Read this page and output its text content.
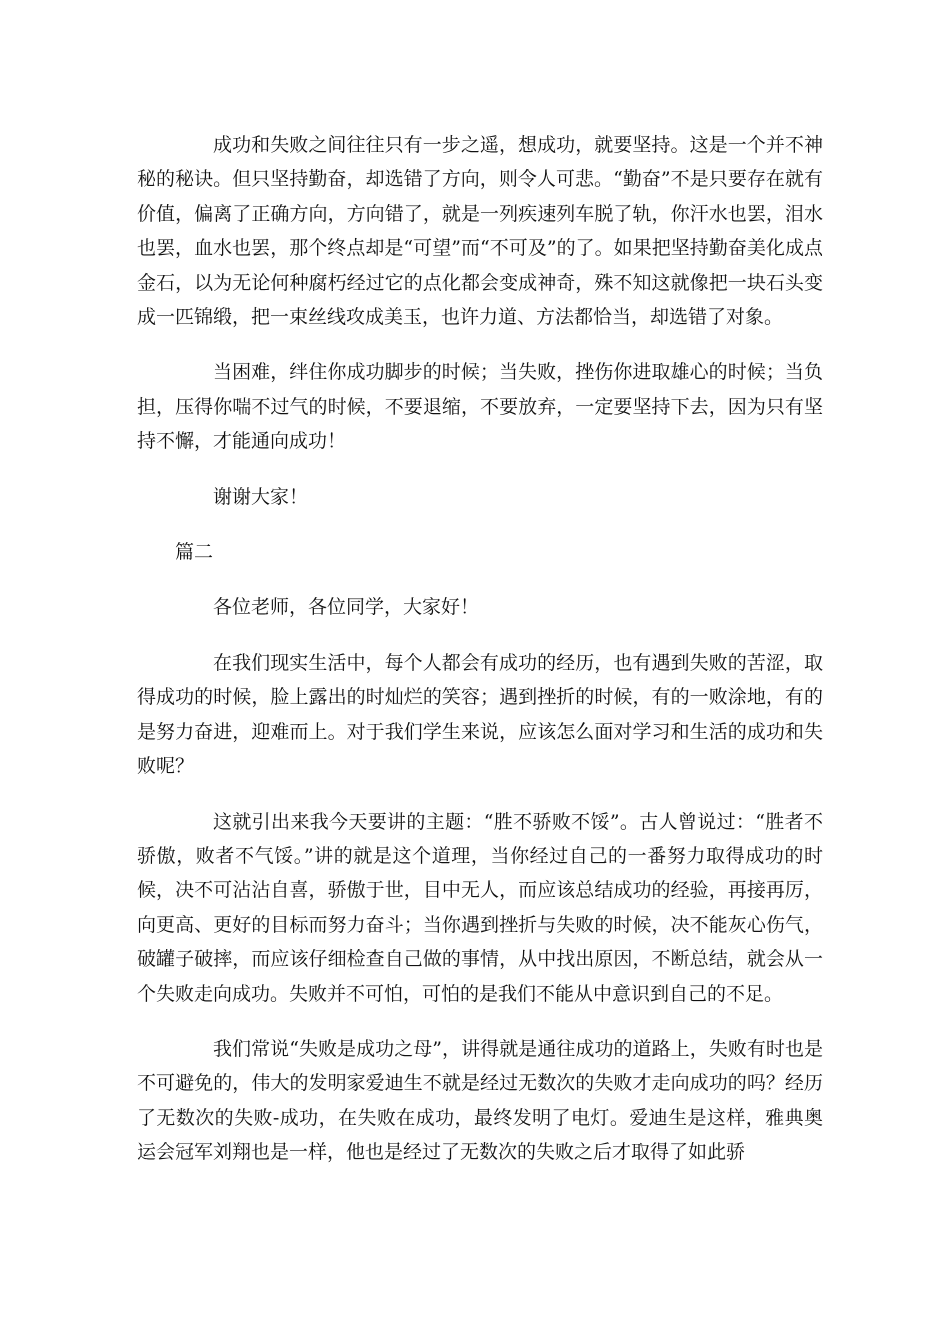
成功和失败之间往往只有一步之遥，想成功，就要坚持。这是一个并不神秘的秘诀。但只坚持勤奋，却选错了方向，则令人可悲。“勤奋”不是只要存在就有价值，偏离了正确方向，方向错了，就是一列疾速列车脱了轨，你汗水也罢，泪水也罢，血水也罢，那个终点却是“可望”而“不可及”的了。如果把坚持勤奋美化成点金石，以为无论何种腐朽经过它的点化都会变成神奇，殊不知这就像把一块石头变成一匹锦缎，把一束丝线攻成美玉，也许力道、方法都恰当，却选错了对象。

当困难，绊住你成功脚步的时候；当失败，挫伤你进取雄心的时候；当负担，压得你喘不过气的时候，不要退缩，不要放弃，一定要坚持下去，因为只有坚持不懈，才能通向成功！

谢谢大家！

篇二

各位老师，各位同学，大家好！

在我们现实生活中，每个人都会有成功的经历，也有遇到失败的苦涩，取得成功的时候，脸上露出的时灿烂的笑容；遇到挫折的时候，有的一败涂地，有的是努力奋进，迎难而上。对于我们学生来说，应该怎么面对学习和生活的成功和失败呢？

这就引出来我今天要讲的主题：“胜不骄败不馁”。古人曾说过：“胜者不骄傲，败者不气馁。”讲的就是这个道理，当你经过自己的一番努力取得成功的时候，决不可沾沾自喜，骄傲于世，目中无人，而应该总结成功的经验，再接再厉，向更高、更好的目标而努力奋斗；当你遇到挫折与失败的时候，决不能灰心伤气，破罐子破摔，而应该仔细检查自己做的事情，从中找出原因，不断总结，就会从一个失败走向成功。失败并不可怕，可怕的是我们不能从中意识到自己的不足。

我们常说“失败是成功之母”，讲得就是通往成功的道路上，失败有时也是不可避免的，伟大的发明家爱迪生不就是经过无数次的失败才走向成功的吗？经历了无数次的失败-成功，在失败在成功，最终发明了电灯。爱迪生是这样，雅典奥运会冠军刘翔也是一样，他也是经过了无数次的失败之后才取得了如此骄
